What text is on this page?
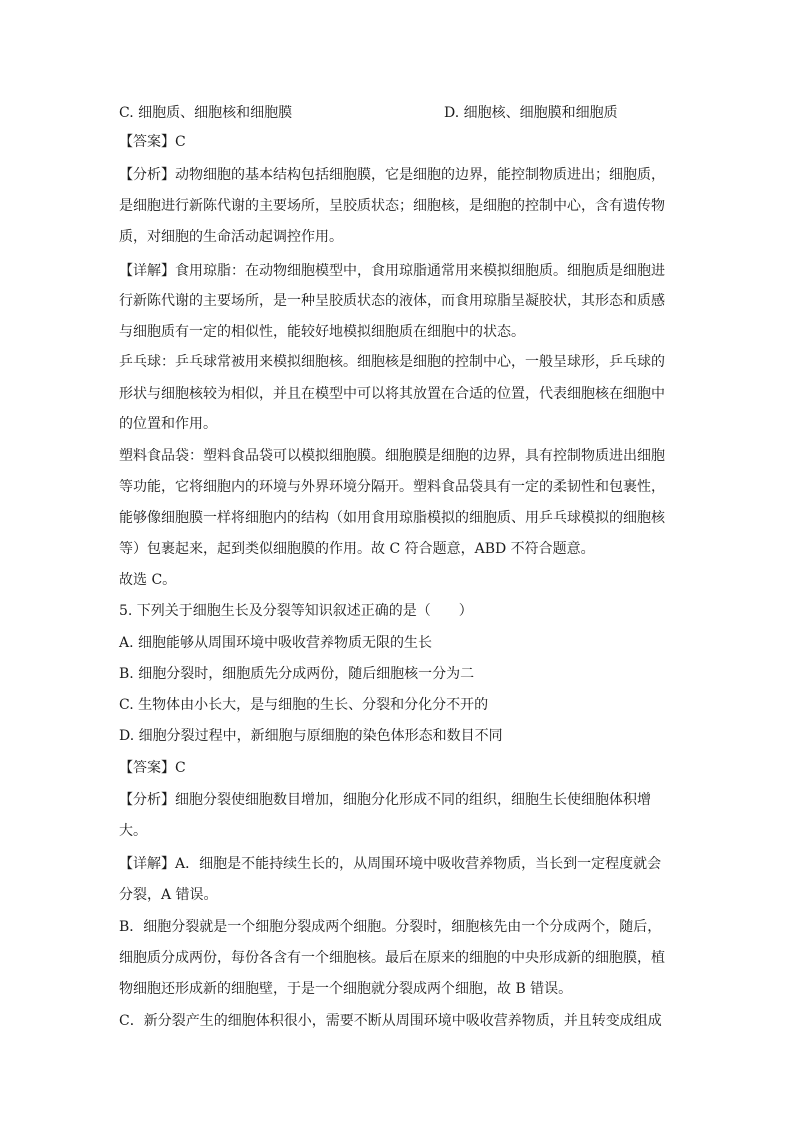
C. 细胞质、细胞核和细胞膜	D. 细胞核、细胞膜和细胞质
【答案】C
【分析】动物细胞的基本结构包括细胞膜，它是细胞的边界，能控制物质进出；细胞质，
是细胞进行新陈代谢的主要场所，呈胶质状态；细胞核，是细胞的控制中心，含有遗传物
质，对细胞的生命活动起调控作用。
【详解】食用琼脂：在动物细胞模型中，食用琼脂通常用来模拟细胞质。细胞质是细胞进
行新陈代谢的主要场所，是一种呈胶质状态的液体，而食用琼脂呈凝胶状，其形态和质感
与细胞质有一定的相似性，能较好地模拟细胞质在细胞中的状态。
乒乓球：乒乓球常被用来模拟细胞核。细胞核是细胞的控制中心，一般呈球形，乒乓球的
形状与细胞核较为相似，并且在模型中可以将其放置在合适的位置，代表细胞核在细胞中
的位置和作用。
塑料食品袋：塑料食品袋可以模拟细胞膜。细胞膜是细胞的边界，具有控制物质进出细胞
等功能，它将细胞内的环境与外界环境分隔开。塑料食品袋具有一定的柔韧性和包裹性，
能够像细胞膜一样将细胞内的结构（如用食用琼脂模拟的细胞质、用乒乓球模拟的细胞核
等）包裹起来，起到类似细胞膜的作用。故 C 符合题意，ABD 不符合题意。
故选 C。
5. 下列关于细胞生长及分裂等知识叙述正确的是（　　）
A. 细胞能够从周围环境中吸收营养物质无限的生长
B. 细胞分裂时，细胞质先分成两份，随后细胞核一分为二
C. 生物体由小长大，是与细胞的生长、分裂和分化分不开的
D. 细胞分裂过程中，新细胞与原细胞的染色体形态和数目不同
【答案】C
【分析】细胞分裂使细胞数目增加，细胞分化形成不同的组织，细胞生长使细胞体积增
大。
【详解】A．细胞是不能持续生长的，从周围环境中吸收营养物质，当长到一定程度就会
分裂，A 错误。
B．细胞分裂就是一个细胞分裂成两个细胞。分裂时，细胞核先由一个分成两个，随后，
细胞质分成两份，每份各含有一个细胞核。最后在原来的细胞的中央形成新的细胞膜，植
物细胞还形成新的细胞壁，于是一个细胞就分裂成两个细胞，故 B 错误。
C．新分裂产生的细胞体积很小，需要不断从周围环境中吸收营养物质，并且转变成组成
